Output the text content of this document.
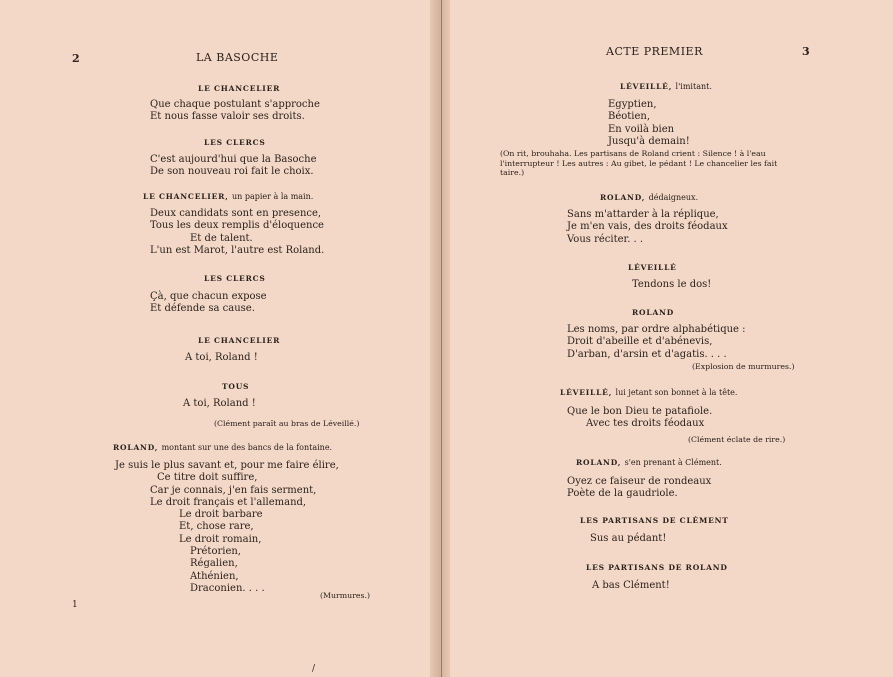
2	LA BASOCHE
LE CHANCELIER
Que chaque postulant s'approche
Et nous fasse valoir ses droits.
LES CLERCS
C'est aujourd'hui que la Basoche
De son nouveau roi fait le choix.
LE CHANCELIER, un papier à la main.
Deux candidats sont en presence,
Tous les deux remplis d'éloquence
Et de talent.
L'un est Marot, l'autre est Roland.
LES CLERCS
Çà, que chacun expose
Et défende sa cause.
LE CHANCELIER
A toi, Roland !
TOUS
A toi, Roland !
(Clément paraît au bras de Léveillé.)
ROLAND, montant sur une des bancs de la fontaine.
Je suis le plus savant et, pour me faire élire,
Ce titre doit suffire,
Car je connais, j'en fais serment,
Le droit français et l'allemand,
Le droit barbare
Et, chose rare,
Le droit romain,
Prétorien,
Régalien,
Athénien,
Draconien. . . .
(Murmures.)
1
/
ACTE PREMIER	3
LÉVEILLÉ, l'imitant.
Egyptien,
Béotien,
En voilà bien
Jusqu'à demain!
(On rit, brouhaha. Les partisans de Roland crient : Silence ! à l'eau l'interrupteur ! Les autres : Au gibet, le pédant ! Le chancelier les fait taire.)
ROLAND, dédaigneux.
Sans m'attarder à la réplique,
Je m'en vais, des droits féodaux
Vous réciter. . .
LÉVEILLÉ
Tendons le dos!
ROLAND
Les noms, par ordre alphabétique :
Droit d'abeille et d'abénevis,
D'arban, d'arsin et d'agatis. . . .
(Explosion de murmures.)
LÉVEILLÉ, lui jetant son bonnet à la tête.
Que le bon Dieu te patafiole.
Avec tes droits féodaux
(Clément éclate de rire.)
ROLAND, s'en prenant à Clément.
Oyez ce faiseur de rondeaux
Poète de la gaudriole.
LES PARTISANS DE CLÉMENT
Sus au pédant!
LES PARTISANS DE ROLAND
A bas Clément!
